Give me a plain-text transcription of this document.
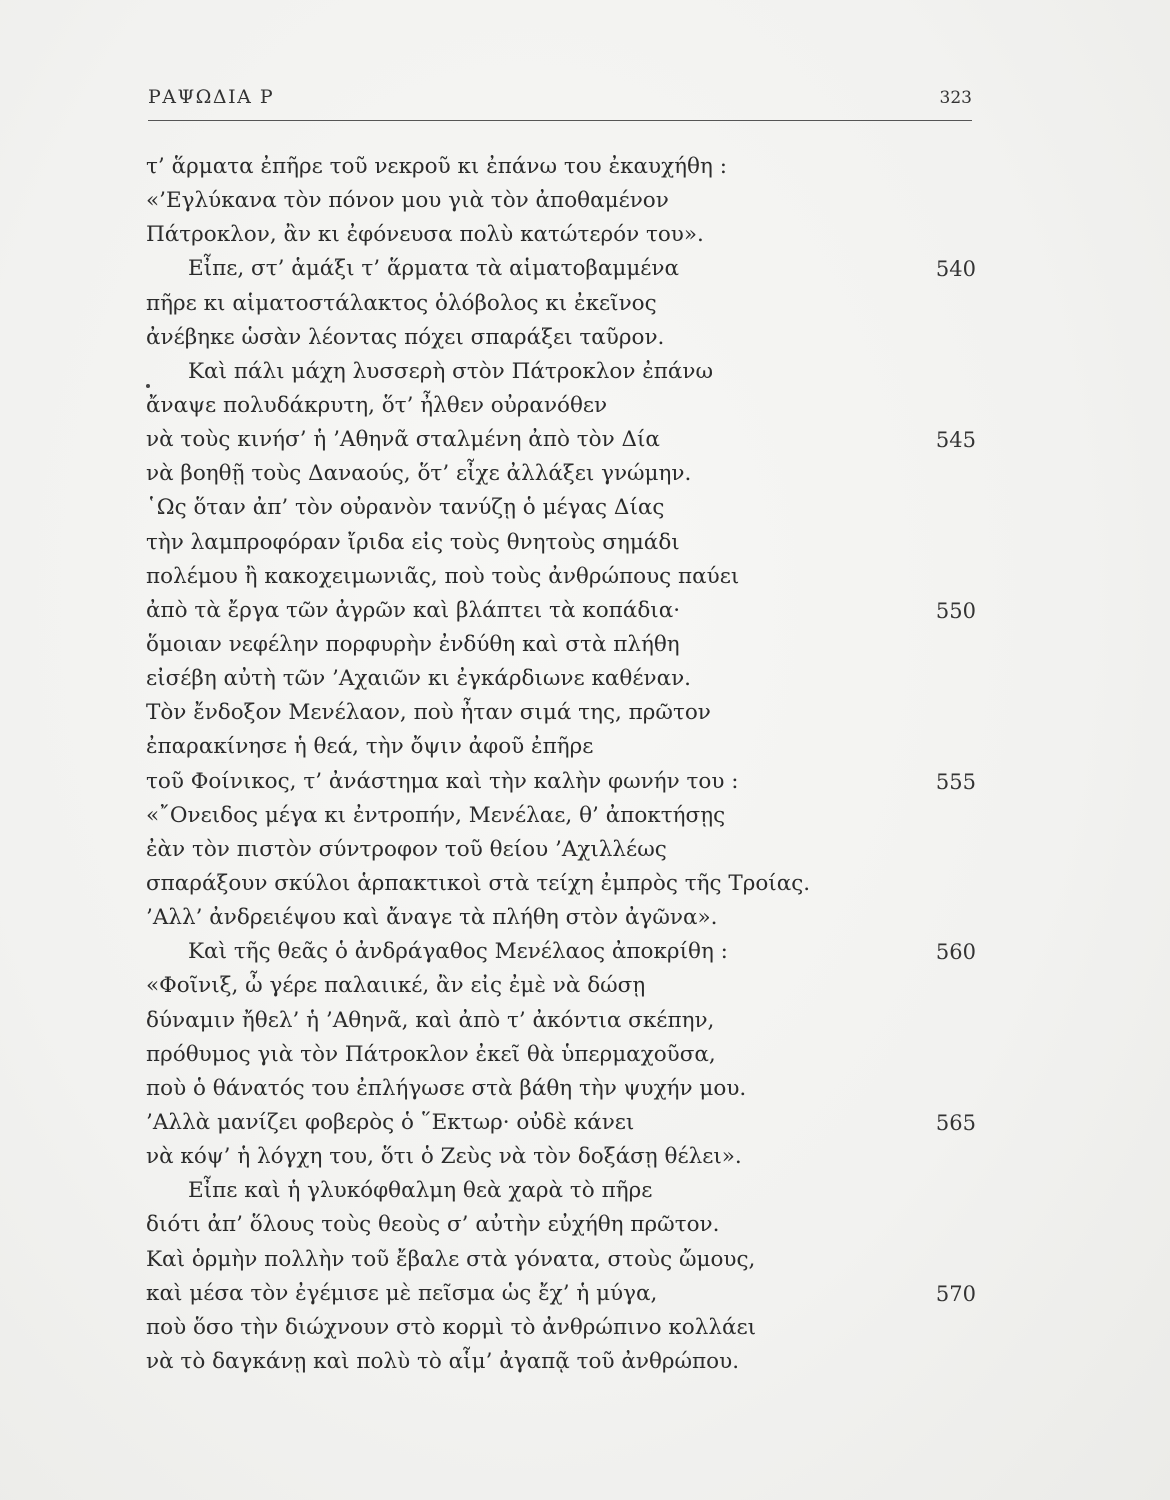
ΡΑΨΩΔΙΑ Ρ	323
τ’ ἅρματα ἐπῆρε τοῦ νεκροῦ κι ἐπάνω του ἐκαυχήθη :
«’Εγλύκανα τὸν πόνον μου γιὰ τὸν ἀποθαμένον
Πάτροκλον, ἂν κι ἐφόνευσα πολὺ κατώτερόν του».
Εἶπε, στ’ ἁμάξι τ’ ἅρματα τὰ αἱματοβαμμένα	540
πῆρε κι αἱματοστάλακτος ὁλόβολος κι ἐκεῖνος
ἀνέβηκε ὡσὰν λέοντας πόχει σπαράξει ταῦρον.
Καὶ πάλι μάχη λυσσερὴ στὸν Πάτροκλον ἐπάνω
ἄναψε πολυδάκρυτη, ὅτ’ ἦλθεν οὐρανόθεν
νὰ τοὺς κινήσ’ ἡ ’Αθηνᾶ σταλμένη ἀπὸ τὸν Δία	545
νὰ βοηθῇ τοὺς Δαναούς, ὅτ’ εἶχε ἀλλάξει γνώμην.
῾Ως ὅταν ἀπ’ τὸν οὐρανὸν τανύζῃ ὁ μέγας Δίας
τὴν λαμπροφόραν ἴριδα εἰς τοὺς θνητοὺς σημάδι
πολέμου ἢ κακοχειμωνιᾶς, ποὺ τοὺς ἀνθρώπους παύει
ἀπὸ τὰ ἔργα τῶν ἀγρῶν καὶ βλάπτει τὰ κοπάδια·	550
ὅμοιαν νεφέλην πορφυρὴν ἐνδύθη καὶ στὰ πλήθη
εἰσέβη αὐτὴ τῶν ’Αχαιῶν κι ἐγκάρδιωνε καθέναν.
Τὸν ἔνδοξον Μενέλαον, ποὺ ἦταν σιμά της, πρῶτον
ἐπαρακίνησε ἡ θεά, τὴν ὄψιν ἀφοῦ ἐπῆρε
τοῦ Φοίνικος, τ’ ἀνάστημα καὶ τὴν καλὴν φωνήν του :	555
«῎Ονειδος μέγα κι ἐντροπήν, Μενέλαε, θ’ ἀποκτήσῃς
ἐὰν τὸν πιστὸν σύντροφον τοῦ θείου ’Αχιλλέως
σπαράξουν σκύλοι ἁρπακτικοὶ στὰ τείχη ἐμπρὸς τῆς Τροίας.
’Αλλ’ ἀνδρειέψου καὶ ἄναγε τὰ πλήθη στὸν ἀγῶνα».
Καὶ τῆς θεᾶς ὁ ἀνδράγαθος Μενέλαος ἀποκρίθη :	560
«Φοῖνιξ, ὦ γέρε παλαιικέ, ἂν εἰς ἐμὲ νὰ δώσῃ
δύναμιν ἤθελ’ ἡ ’Αθηνᾶ, καὶ ἀπὸ τ’ ἀκόντια σκέπην,
πρόθυμος γιὰ τὸν Πάτροκλον ἐκεῖ θὰ ὑπερμαχοῦσα,
ποὺ ὁ θάνατός του ἐπλήγωσε στὰ βάθη τὴν ψυχήν μου.
’Αλλὰ μανίζει φοβερὸς ὁ ῞Εκτωρ· οὐδὲ κάνει	565
νὰ κόψ’ ἡ λόγχη του, ὅτι ὁ Ζεὺς νὰ τὸν δοξάσῃ θέλει».
Εἶπε καὶ ἡ γλυκόφθαλμη θεὰ χαρὰ τὸ πῆρε
διότι ἀπ’ ὅλους τοὺς θεοὺς σ’ αὐτὴν εὐχήθη πρῶτον.
Καὶ ὁρμὴν πολλὴν τοῦ ἔβαλε στὰ γόνατα, στοὺς ὤμους,
καὶ μέσα τὸν ἐγέμισε μὲ πεῖσμα ὡς ἔχ’ ἡ μύγα,	570
ποὺ ὅσο τὴν διώχνουν στὸ κορμὶ τὸ ἀνθρώπινο κολλάει
νὰ τὸ δαγκάνῃ καὶ πολὺ τὸ αἷμ’ ἀγαπᾷ τοῦ ἀνθρώπου.
